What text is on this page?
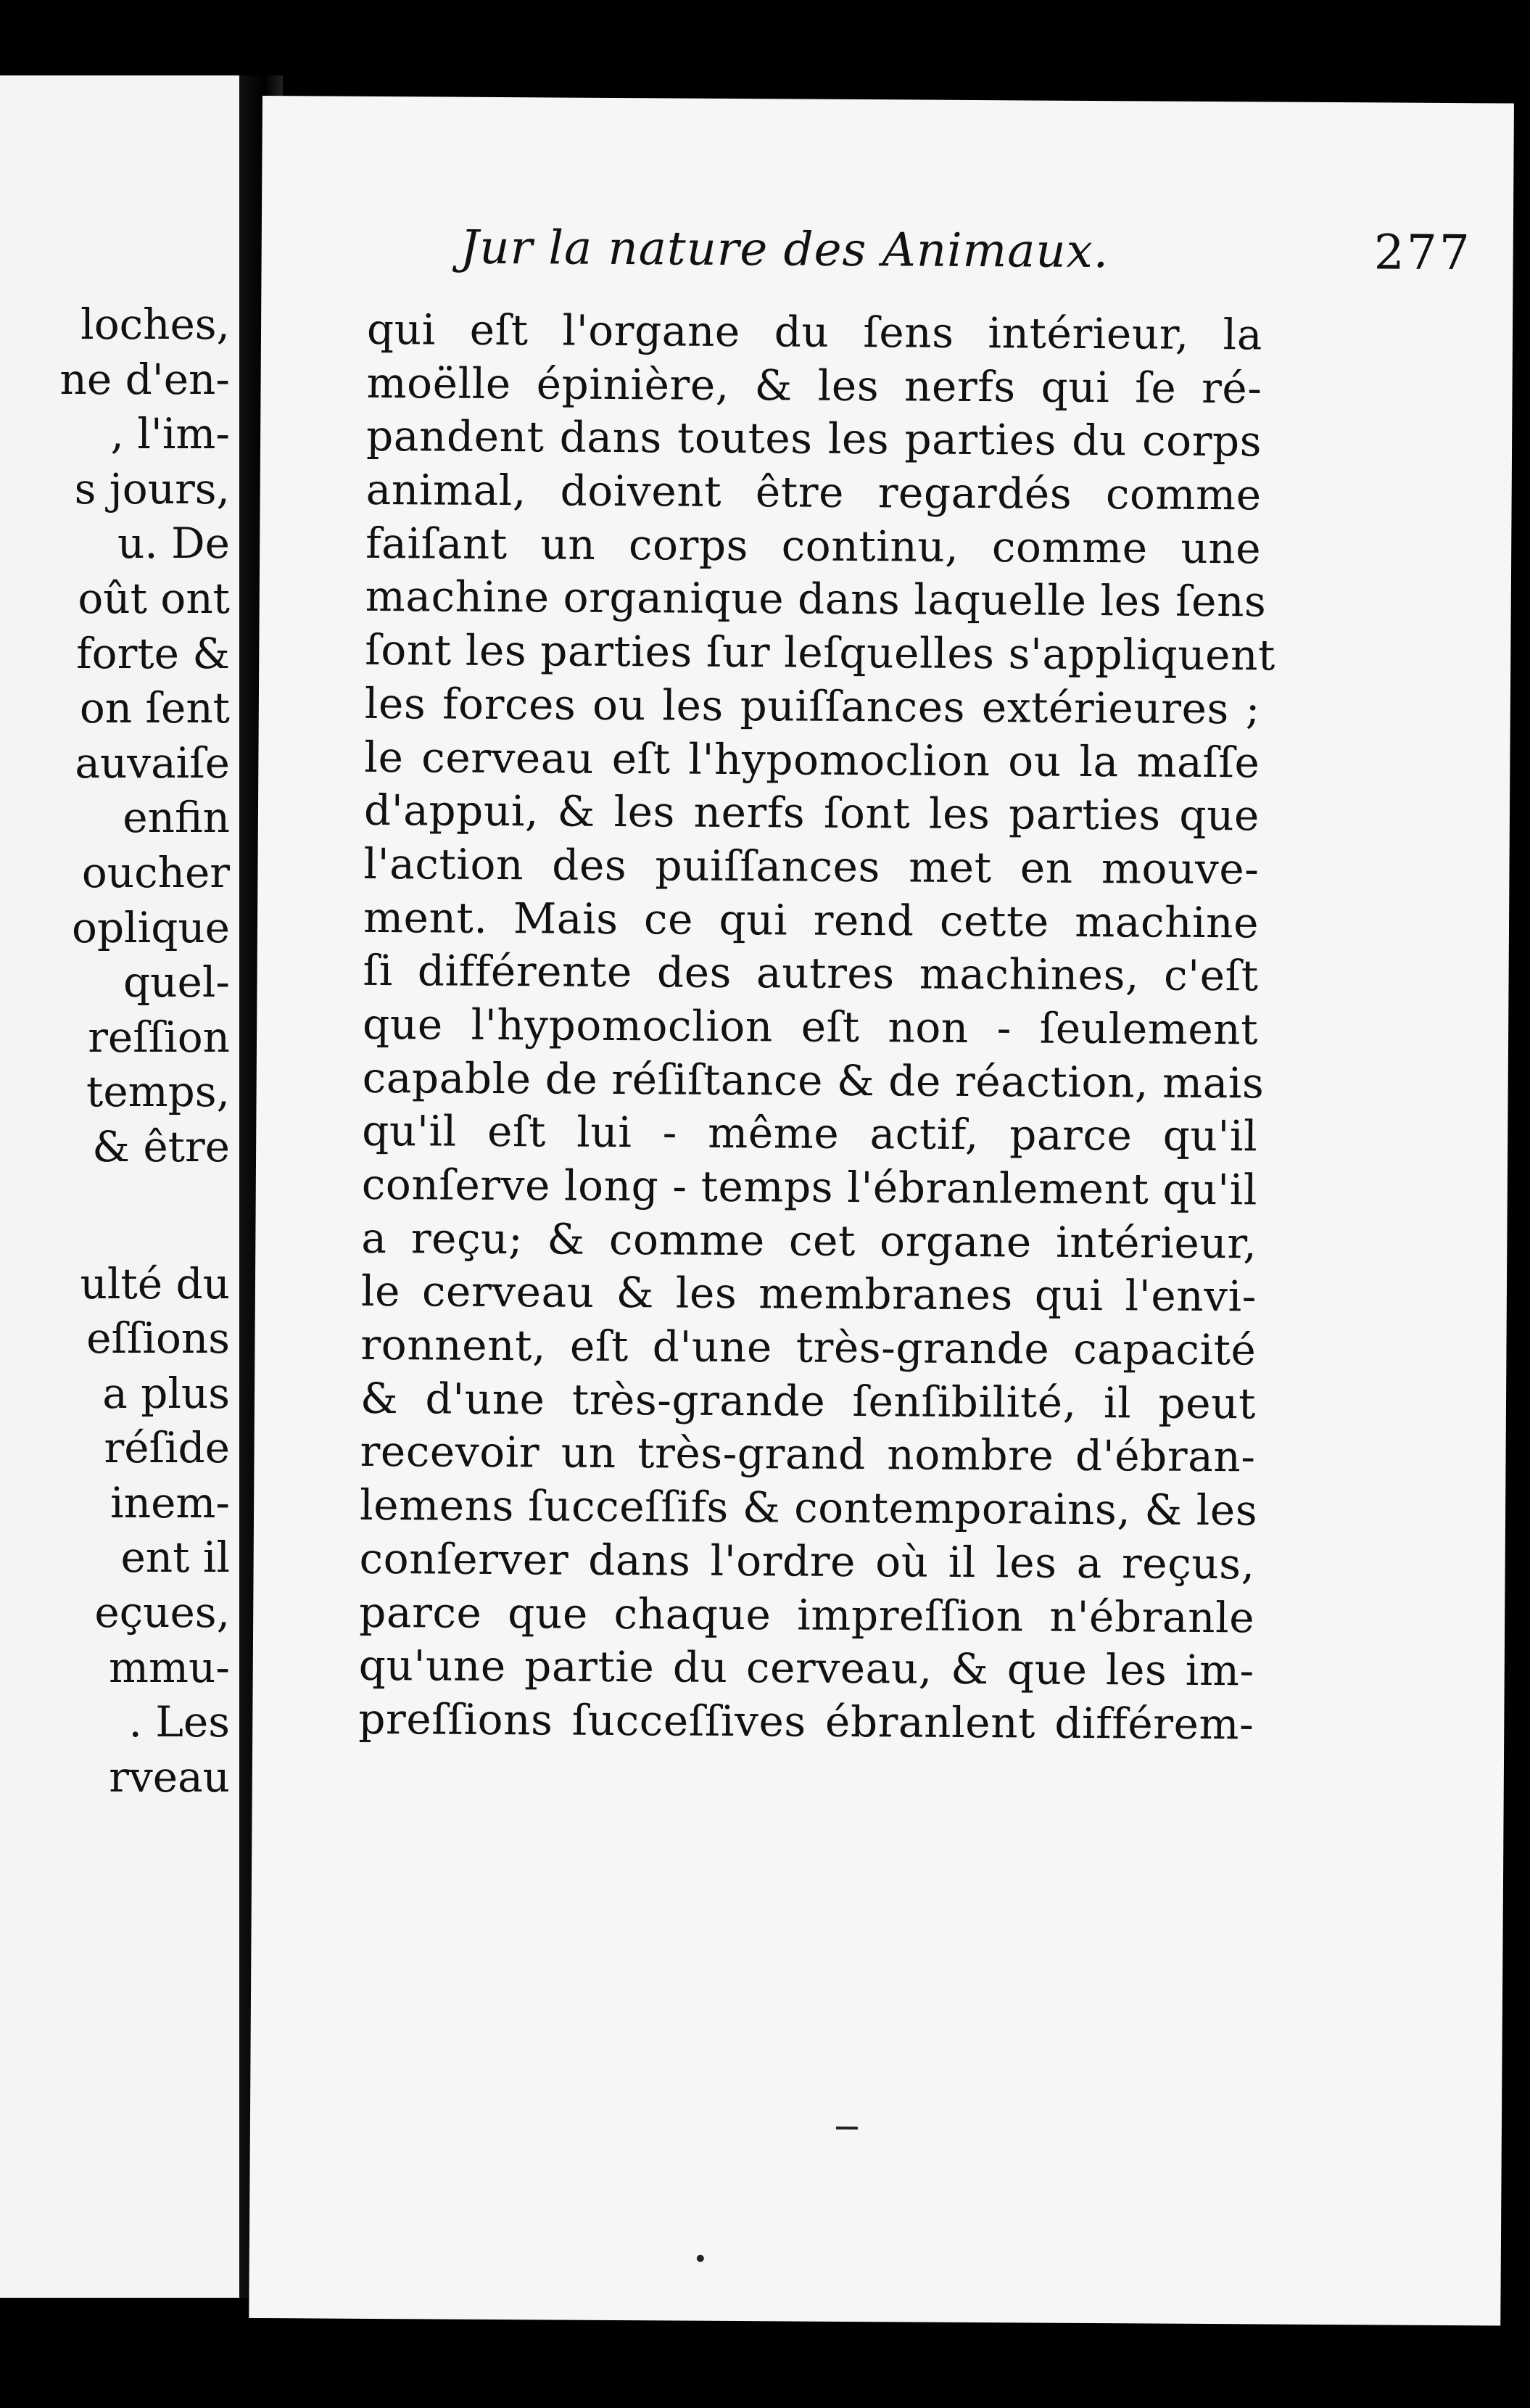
loches,
ne d'en-
, l'im-
s jours,
u. De
oût ont
forte &
on ſent
auvaiſe
enfin
oucher
oplique
quel-
reſſion
temps,
& être
ulté du
eſſions
a plus
réſide
inem-
ent il
eçues,
mmu-
. Les
rveau
Jur la nature des Animaux.	277
qui eſt l'organe du ſens intérieur, la
moëlle épinière, & les nerfs qui ſe ré-
pandent dans toutes les parties du corps
animal, doivent être regardés comme
faiſant un corps continu, comme une
machine organique dans laquelle les ſens
ſont les parties ſur leſquelles s'appliquent
les forces ou les puiſſances extérieures ;
le cerveau eſt l'hypomoclion ou la maſſe
d'appui, & les nerfs ſont les parties que
l'action des puiſſances met en mouve-
ment. Mais ce qui rend cette machine
ſi différente des autres machines, c'eſt
que l'hypomoclion eſt non - ſeulement
capable de réſiſtance & de réaction, mais
qu'il eſt lui - même actif, parce qu'il
conſerve long - temps l'ébranlement qu'il
a reçu; & comme cet organe intérieur,
le cerveau & les membranes qui l'envi-
ronnent, eſt d'une très-grande capacité
& d'une très-grande ſenſibilité, il peut
recevoir un très-grand nombre d'ébran-
lemens ſucceſſifs & contemporains, & les
conſerver dans l'ordre où il les a reçus,
parce que chaque impreſſion n'ébranle
qu'une partie du cerveau, & que les im-
preſſions ſucceſſives ébranlent différem-
